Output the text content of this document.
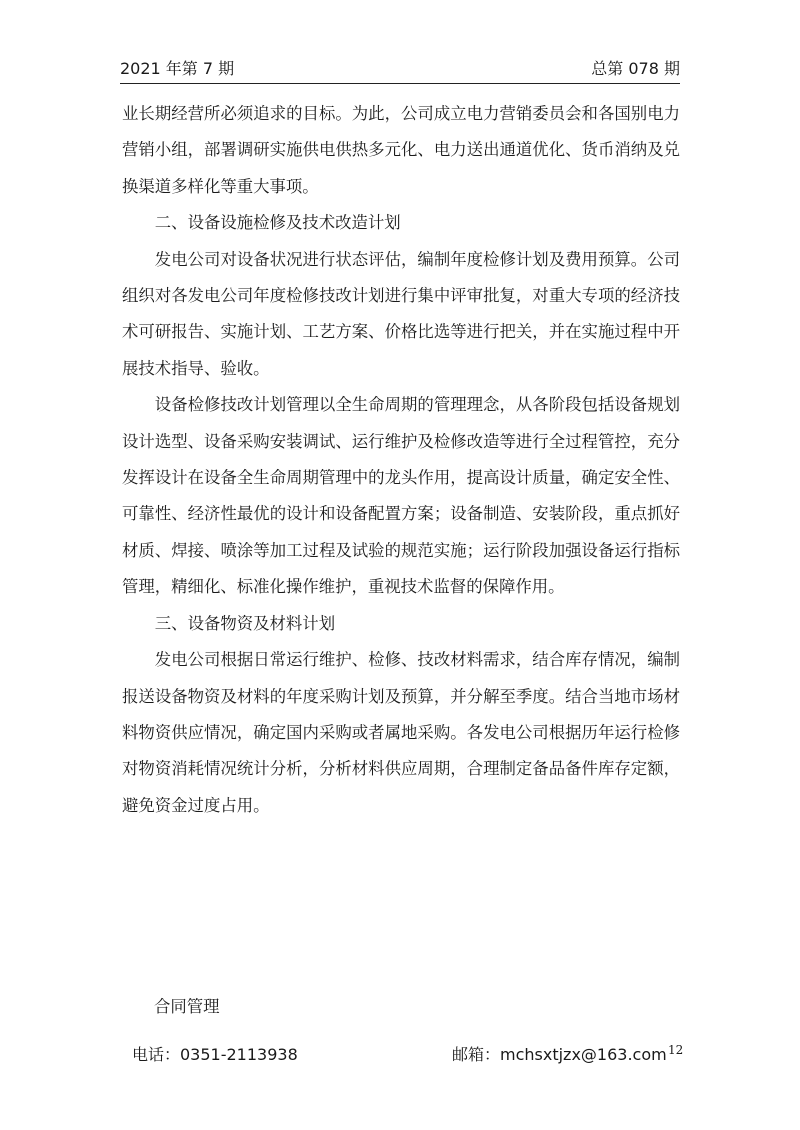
2021 年第 7 期	总第 078 期

业长期经营所必须追求的目标。为此，公司成立电力营销委员会和各国别电力营销小组，部署调研实施供电供热多元化、电力送出通道优化、货币消纳及兑换渠道多样化等重大事项。

二、设备设施检修及技术改造计划

发电公司对设备状况进行状态评估，编制年度检修计划及费用预算。公司组织对各发电公司年度检修技改计划进行集中评审批复，对重大专项的经济技术可研报告、实施计划、工艺方案、价格比选等进行把关，并在实施过程中开展技术指导、验收。

设备检修技改计划管理以全生命周期的管理理念，从各阶段包括设备规划设计选型、设备采购安装调试、运行维护及检修改造等进行全过程管控，充分发挥设计在设备全生命周期管理中的龙头作用，提高设计质量，确定安全性、可靠性、经济性最优的设计和设备配置方案；设备制造、安装阶段，重点抓好材质、焊接、喷涂等加工过程及试验的规范实施；运行阶段加强设备运行指标管理，精细化、标准化操作维护，重视技术监督的保障作用。

三、设备物资及材料计划

发电公司根据日常运行维护、检修、技改材料需求，结合库存情况，编制报送设备物资及材料的年度采购计划及预算，并分解至季度。结合当地市场材料物资供应情况，确定国内采购或者属地采购。各发电公司根据历年运行检修对物资消耗情况统计分析，分析材料供应周期，合理制定备品备件库存定额，避免资金过度占用。

合同管理
电话：0351-2113938	邮箱：mchsxtjzx@163.com 12
